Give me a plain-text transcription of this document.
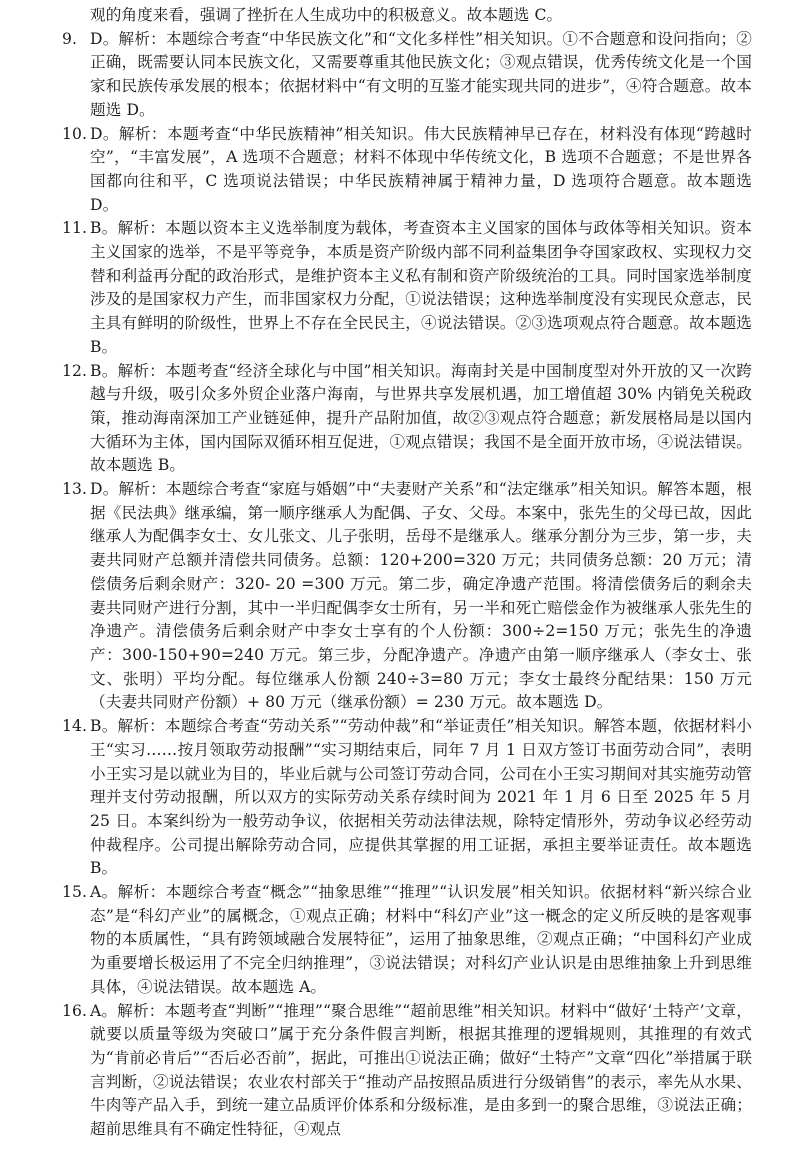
观的角度来看，强调了挫折在人生成功中的积极意义。故本题选 C。

9. D。解析：本题综合考查“中华民族文化”和“文化多样性”相关知识。①不合题意和设问指向；②正确，既需要认同本民族文化，又需要尊重其他民族文化；③观点错误，优秀传统文化是一个国家和民族传承发展的根本；依据材料中“有文明的互鉴才能实现共同的进步”，④符合题意。故本题选 D。
10. D。解析：本题考查“中华民族精神”相关知识。伟大民族精神早已存在，材料没有体现“跨越时空”，“丰富发展”，A 选项不合题意；材料不体现中华传统文化，B 选项不合题意；不是世界各国都向往和平，C 选项说法错误；中华民族精神属于精神力量，D 选项符合题意。故本题选 D。
11. B。解析：本题以资本主义选举制度为载体，考查资本主义国家的国体与政体等相关知识。资本主义国家的选举，不是平等竞争，本质是资产阶级内部不同利益集团争夺国家政权、实现权力交替和利益再分配的政治形式，是维护资本主义私有制和资产阶级统治的工具。同时国家选举制度涉及的是国家权力产生，而非国家权力分配，①说法错误；这种选举制度没有实现民众意志，民主具有鲜明的阶级性，世界上不存在全民民主，④说法错误。②③选项观点符合题意。故本题选 B。
12. B。解析：本题考查“经济全球化与中国”相关知识。海南封关是中国制度型对外开放的又一次跨越与升级，吸引众多外贸企业落户海南，与世界共享发展机遇，加工增值超 30% 内销免关税政策，推动海南深加工产业链延伸，提升产品附加值，故②③观点符合题意；新发展格局是以国内大循环为主体，国内国际双循环相互促进，①观点错误；我国不是全面开放市场，④说法错误。故本题选 B。
13. D。解析：本题综合考查“家庭与婚姻”中“夫妻财产关系”和“法定继承”相关知识。解答本题，根据《民法典》继承编，第一顺序继承人为配偶、子女、父母。本案中，张先生的父母已故，因此继承人为配偶李女士、女儿张文、儿子张明，岳母不是继承人。继承分割分为三步，第一步，夫妻共同财产总额并清偿共同债务。总额：120+200=320 万元；共同债务总额：20 万元；清偿债务后剩余财产：320- 20 =300 万元。第二步，确定净遗产范围。将清偿债务后的剩余夫妻共同财产进行分割，其中一半归配偶李女士所有，另一半和死亡赔偿金作为被继承人张先生的净遗产。清偿债务后剩余财产中李女士享有的个人份额：300÷2=150 万元；张先生的净遗产：300-150+90=240 万元。第三步，分配净遗产。净遗产由第一顺序继承人（李女士、张文、张明）平均分配。每位继承人份额 240÷3=80 万元；李女士最终分配结果：150 万元（夫妻共同财产份额）+ 80 万元（继承份额）= 230 万元。故本题选 D。
14. B。解析：本题综合考查“劳动关系”“劳动仲裁”和“举证责任”相关知识。解答本题，依据材料小王“实习……按月领取劳动报酬”“实习期结束后，同年 7 月 1 日双方签订书面劳动合同”，表明小王实习是以就业为目的，毕业后就与公司签订劳动合同，公司在小王实习期间对其实施劳动管理并支付劳动报酬，所以双方的实际劳动关系存续时间为 2021 年 1 月 6 日至 2025 年 5 月 25 日。本案纠纷为一般劳动争议，依据相关劳动法律法规，除特定情形外，劳动争议必经劳动仲裁程序。公司提出解除劳动合同，应提供其掌握的用工证据，承担主要举证责任。故本题选 B。
15. A。解析：本题综合考查“概念”“抽象思维”“推理”“认识发展”相关知识。依据材料“新兴综合业态”是“科幻产业”的属概念，①观点正确；材料中“科幻产业”这一概念的定义所反映的是客观事物的本质属性，“具有跨领域融合发展特征”，运用了抽象思维，②观点正确；“中国科幻产业成为重要增长极运用了不完全归纳推理”，③说法错误；对科幻产业认识是由思维抽象上升到思维具体，④说法错误。故本题选 A。
16. A。解析：本题考查“判断”“推理”“聚合思维”“超前思维”相关知识。材料中“做好‘土特产’文章，就要以质量等级为突破口”属于充分条件假言判断，根据其推理的逻辑规则，其推理的有效式为“肯前必肯后”“否后必否前”，据此，可推出①说法正确；做好“土特产”文章“四化”举措属于联言判断，②说法错误；农业农村部关于“推动产品按照品质进行分级销售”的表示，率先从水果、牛肉等产品入手，到统一建立品质评价体系和分级标准，是由多到一的聚合思维，③说法正确；超前思维具有不确定性特征，④观点
